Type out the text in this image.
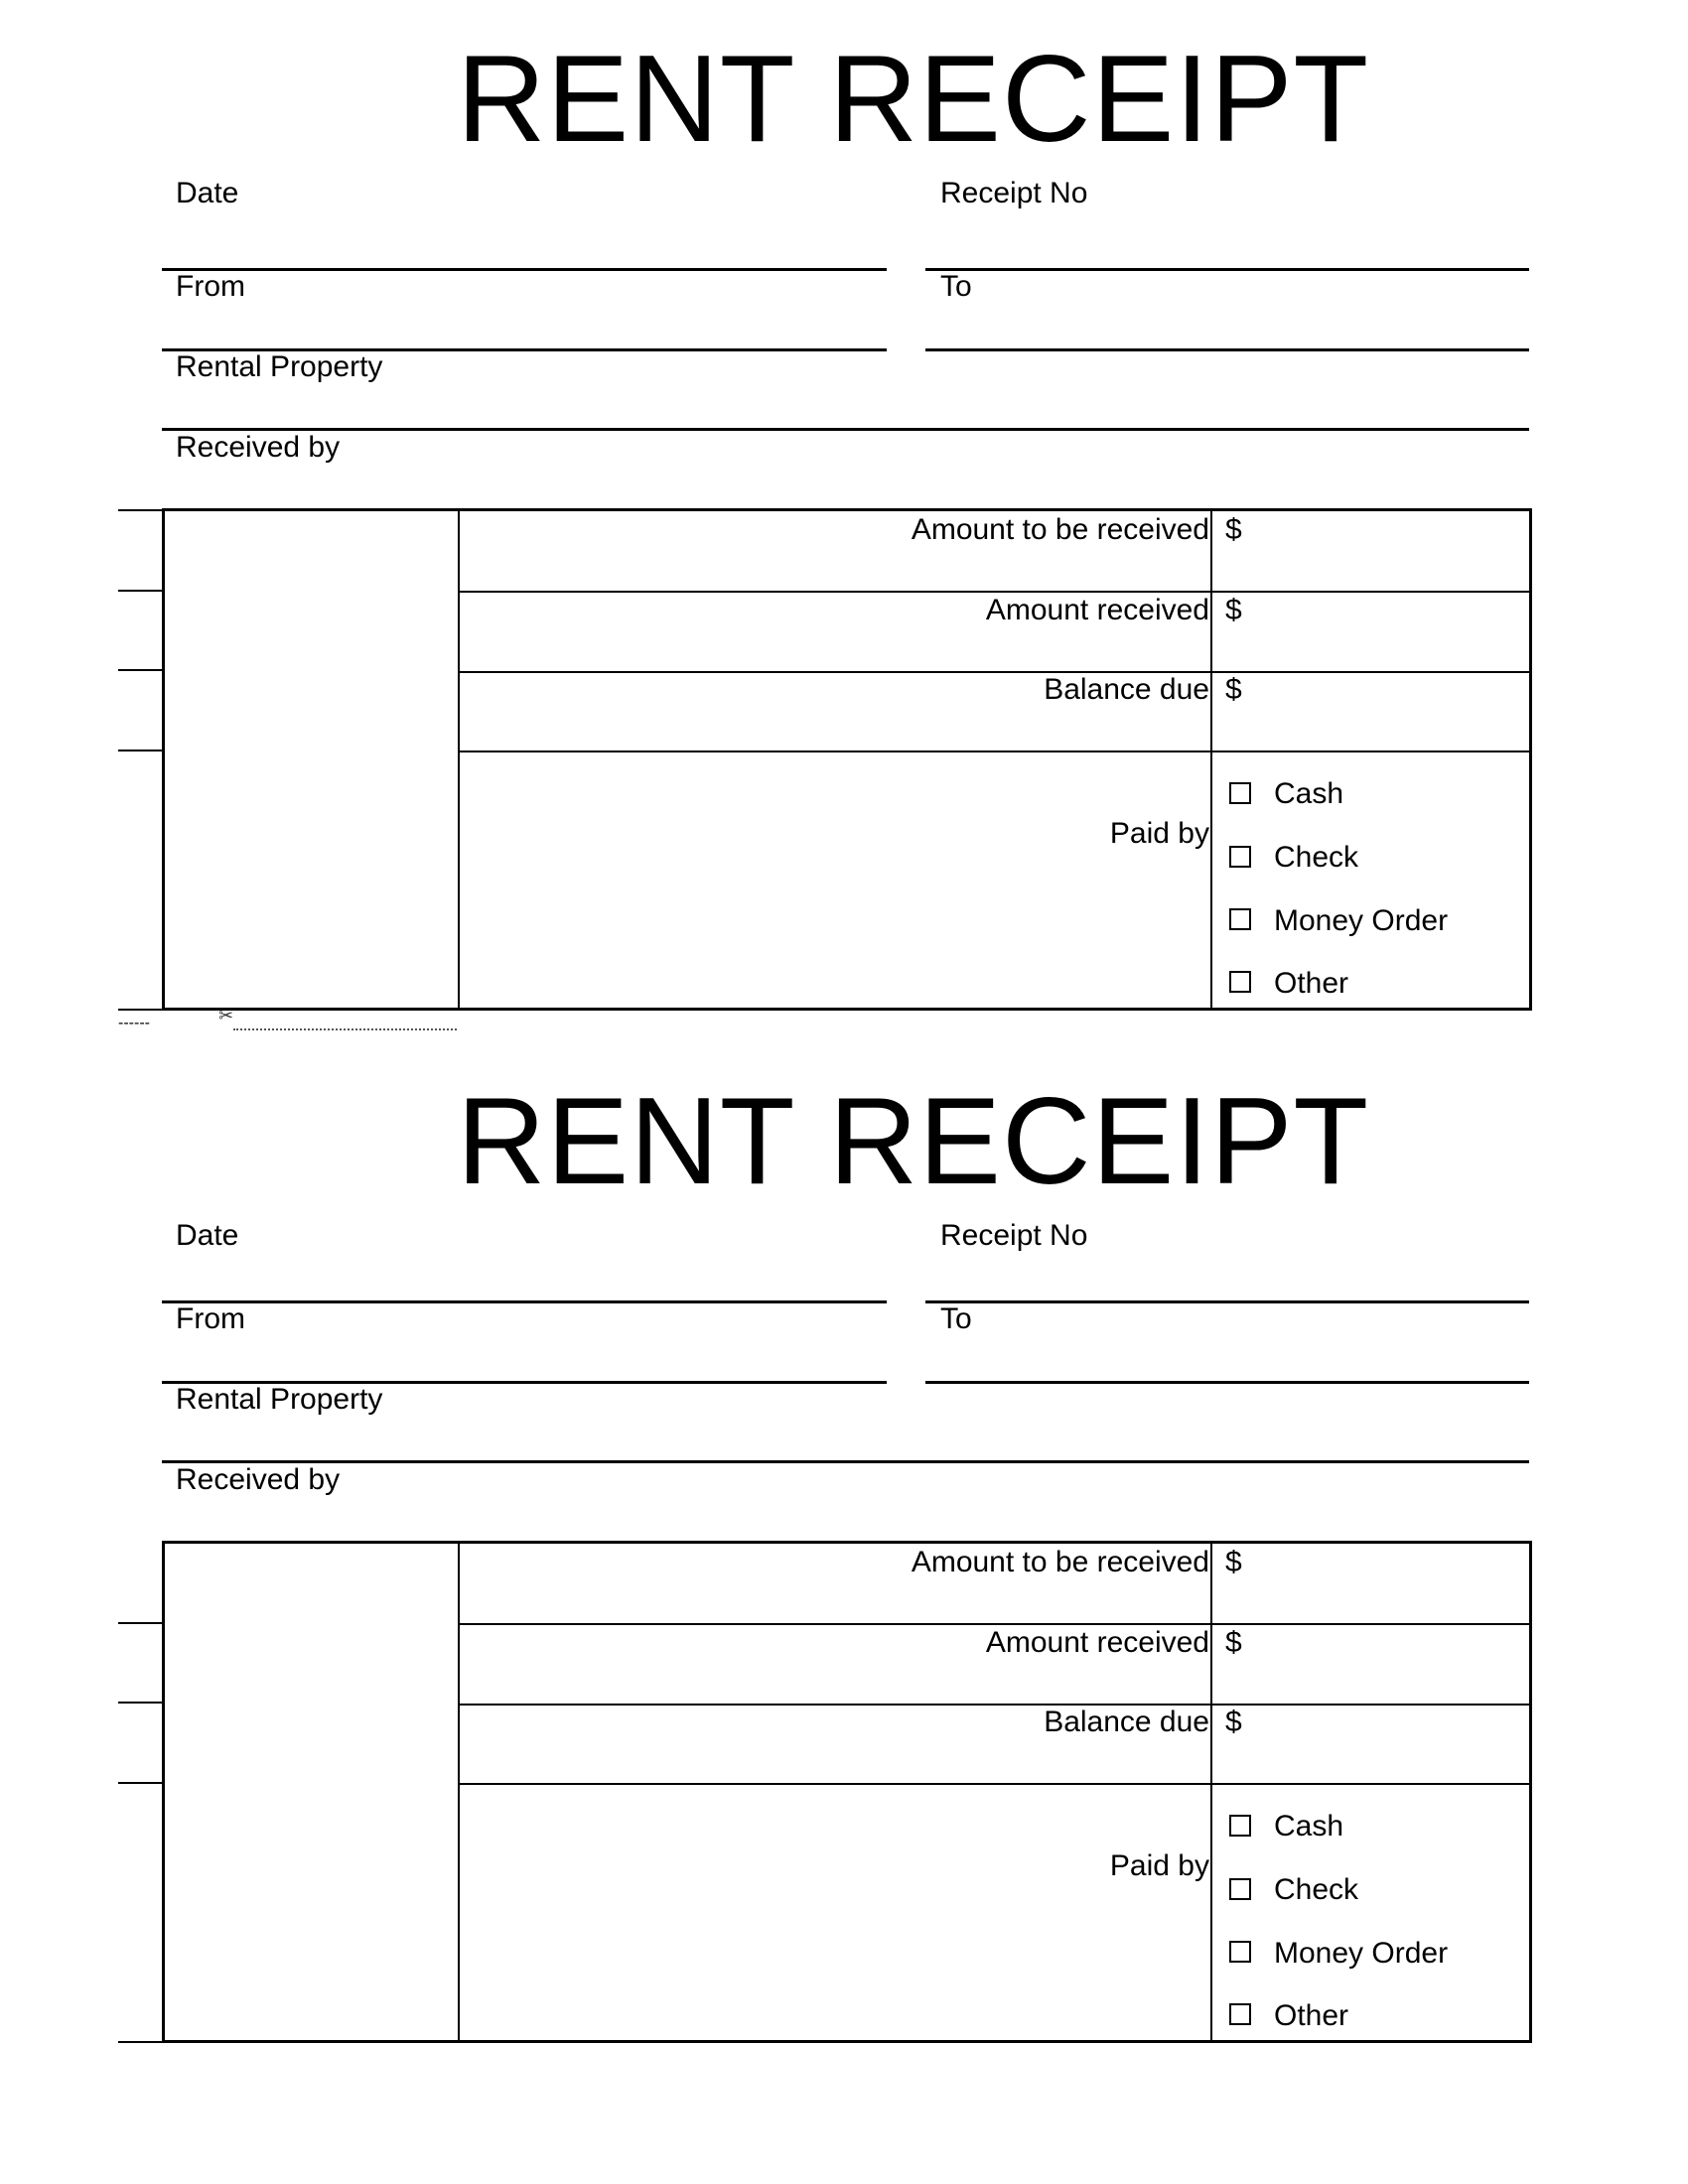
RENT RECEIPT
Date	Receipt No
From	To
Rental Property
Received by
Amount to be received $
Amount received $
Balance due $
Paid by
Cash
Check
Money Order
Other
------	✂
RENT RECEIPT
Date	Receipt No
From	To
Rental Property
Received by
Amount to be received $
Amount received $
Balance due $
Paid by
Cash
Check
Money Order
Other
